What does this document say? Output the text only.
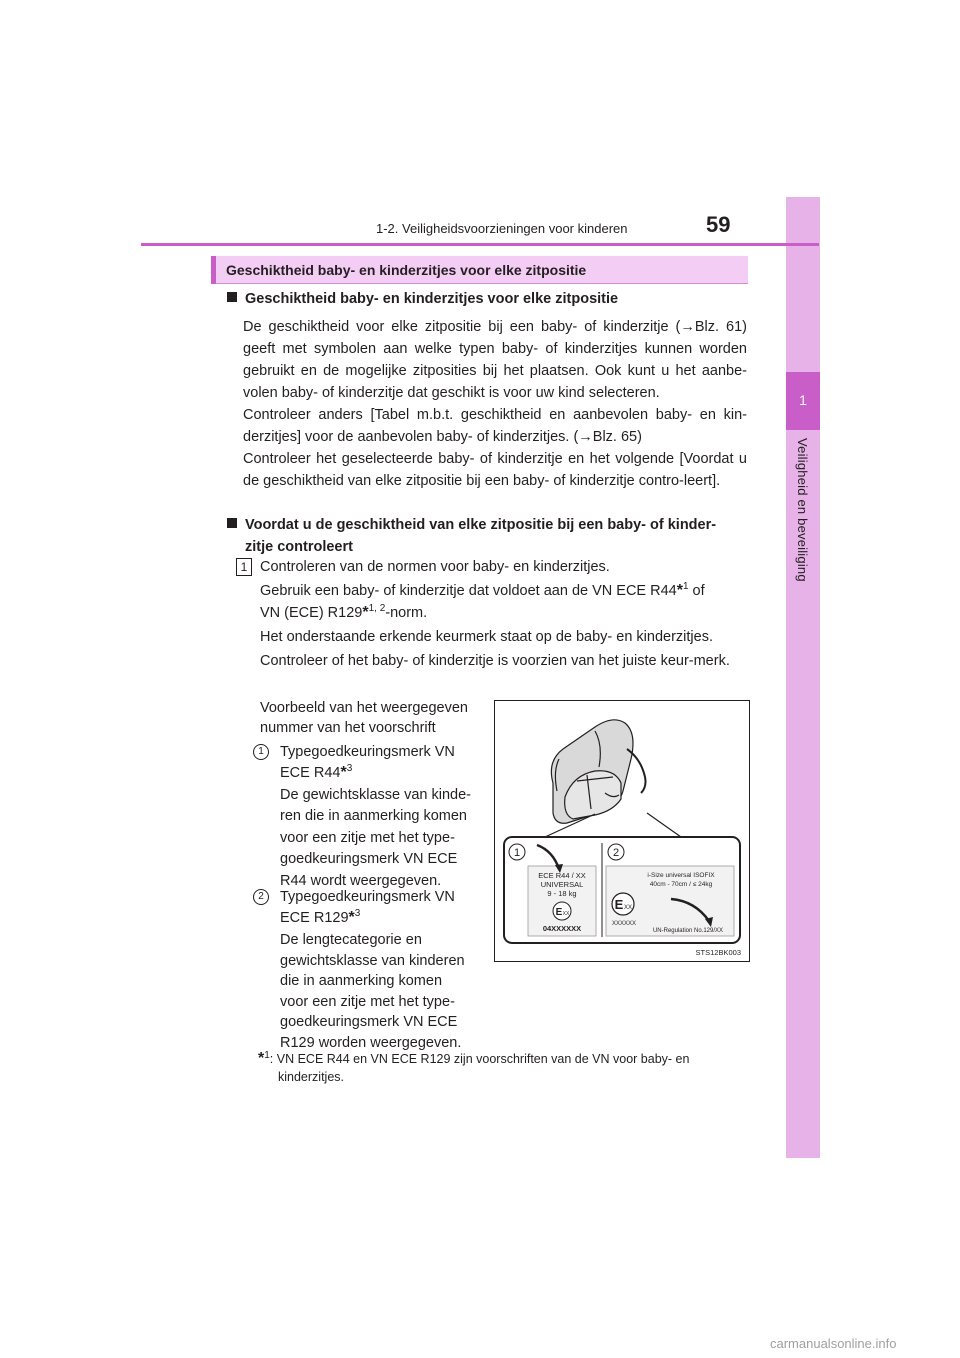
1
Veiligheid en beveiliging
1-2. Veiligheidsvoorzieningen voor kinderen	59
Geschiktheid baby- en kinderzitjes voor elke zitpositie
Geschiktheid baby- en kinderzitjes voor elke zitpositie
De geschiktheid voor elke zitpositie bij een baby- of kinderzitje (→Blz. 61) geeft met symbolen aan welke typen baby- of kinderzitjes kunnen worden gebruikt en de mogelijke zitposities bij het plaatsen. Ook kunt u het aanbe-volen baby- of kinderzitje dat geschikt is voor uw kind selecteren.
Controleer anders [Tabel m.b.t. geschiktheid en aanbevolen baby- en kin-derzitjes] voor de aanbevolen baby- of kinderzitjes. (→Blz. 65)
Controleer het geselecteerde baby- of kinderzitje en het volgende [Voordat u de geschiktheid van elke zitpositie bij een baby- of kinderzitje contro-leert].
Voordat u de geschiktheid van elke zitpositie bij een baby- of kinder-
zitje controleert
1 Controleren van de normen voor baby- en kinderzitjes.
Gebruik een baby- of kinderzitje dat voldoet aan de VN ECE R44*$^1$ of
VN (ECE) R129*$^{1, 2}$-norm.
Het onderstaande erkende keurmerk staat op de baby- en kinderzitjes.
Controleer of het baby- of kinderzitje is voorzien van het juiste keur-merk.
Voorbeeld van het weergegeven
nummer van het voorschrift
1	Typegoedkeuringsmerk VN
ECE R44*$^3$
De gewichtsklasse van kinde-
ren die in aanmerking komen
voor een zitje met het type-
goedkeuringsmerk VN ECE
R44 wordt weergegeven.
2	Typegoedkeuringsmerk VN
ECE R129*$^3$
De lengtecategorie en
gewichtsklasse van kinderen
die in aanmerking komen
voor een zitje met het type-
goedkeuringsmerk VN ECE
R129 worden weergegeven.
1	2
ECE R44 / XX
UNIVERSAL
9 - 18 kg
E XX
04XXXXXX
i-Size universal ISOFIX
40cm - 70cm / ≤ 24kg
E XX
XXXXXX
UN-Regulation No.129/XX
STS12BK003
*$^1$: VN ECE R44 en VN ECE R129 zijn voorschriften van de VN voor baby- en
kinderzitjes.
carmanualsonline.info
